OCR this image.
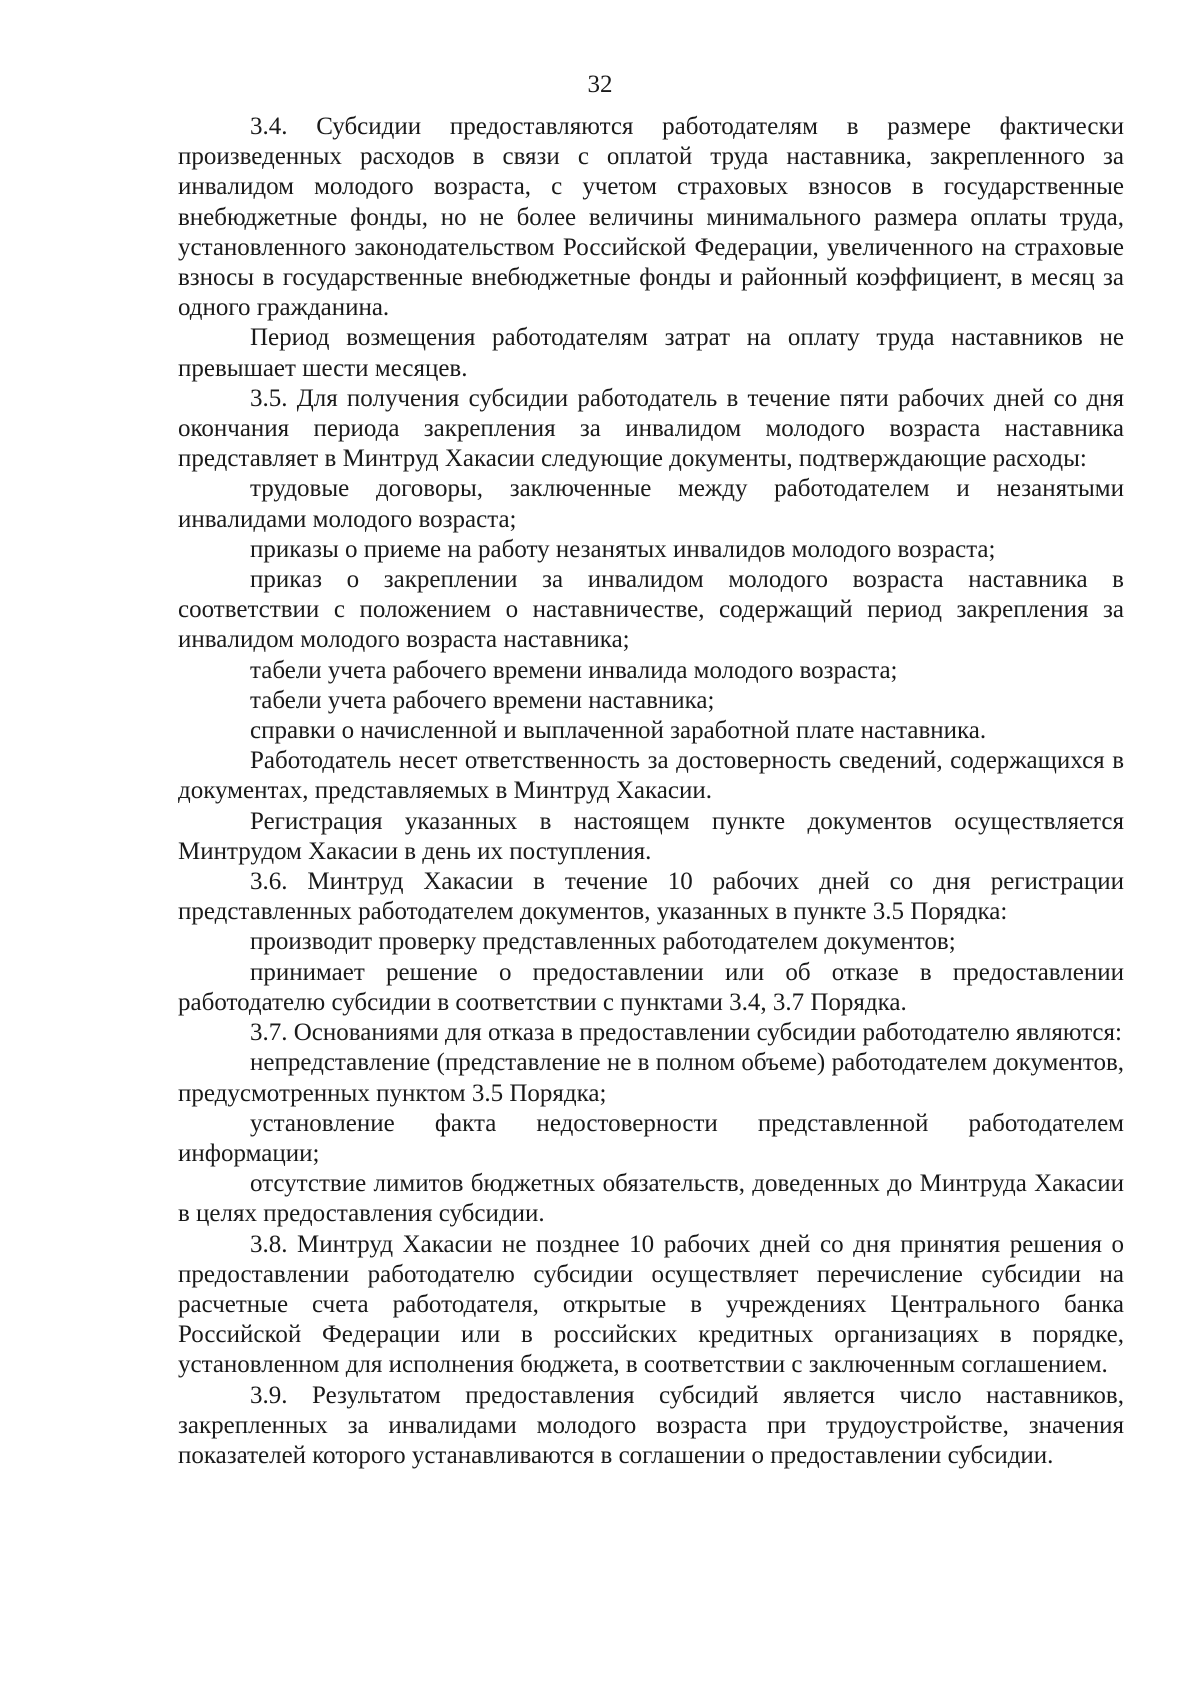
32

3.4. Субсидии предоставляются работодателям в размере фактически произведенных расходов в связи с оплатой труда наставника, закрепленного за инвалидом молодого возраста, с учетом страховых взносов в государственные внебюджетные фонды, но не более величины минимального размера оплаты труда, установленного законодательством Российской Федерации, увеличенного на страховые взносы в государственные внебюджетные фонды и районный коэффициент, в месяц за одного гражданина.

Период возмещения работодателям затрат на оплату труда наставников не превышает шести месяцев.

3.5. Для получения субсидии работодатель в течение пяти рабочих дней со дня окончания периода закрепления за инвалидом молодого возраста наставника представляет в Минтруд Хакасии следующие документы, подтверждающие расходы:

трудовые договоры, заключенные между работодателем и незанятыми инвалидами молодого возраста;

приказы о приеме на работу незанятых инвалидов молодого возраста;

приказ о закреплении за инвалидом молодого возраста наставника в соответствии с положением о наставничестве, содержащий период закрепления за инвалидом молодого возраста наставника;

табели учета рабочего времени инвалида молодого возраста;

табели учета рабочего времени наставника;

справки о начисленной и выплаченной заработной плате наставника.

Работодатель несет ответственность за достоверность сведений, содержащихся в документах, представляемых в Минтруд Хакасии.

Регистрация указанных в настоящем пункте документов осуществляется Минтрудом Хакасии в день их поступления.

3.6. Минтруд Хакасии в течение 10 рабочих дней со дня регистрации представленных работодателем документов, указанных в пункте 3.5 Порядка:

производит проверку представленных работодателем документов;

принимает решение о предоставлении или об отказе в предоставлении работодателю субсидии в соответствии с пунктами 3.4, 3.7 Порядка.

3.7. Основаниями для отказа в предоставлении субсидии работодателю являются:

непредставление (представление не в полном объеме) работодателем документов, предусмотренных пунктом 3.5 Порядка;

установление факта недостоверности представленной работодателем информации;

отсутствие лимитов бюджетных обязательств, доведенных до Минтруда Хакасии в целях предоставления субсидии.

3.8. Минтруд Хакасии не позднее 10 рабочих дней со дня принятия решения о предоставлении работодателю субсидии осуществляет перечисление субсидии на расчетные счета работодателя, открытые в учреждениях Центрального банка Российской Федерации или в российских кредитных организациях в порядке, установленном для исполнения бюджета, в соответствии с заключенным соглашением.

3.9. Результатом предоставления субсидий является число наставников, закрепленных за инвалидами молодого возраста при трудоустройстве, значения показателей которого устанавливаются в соглашении о предоставлении субсидии.
